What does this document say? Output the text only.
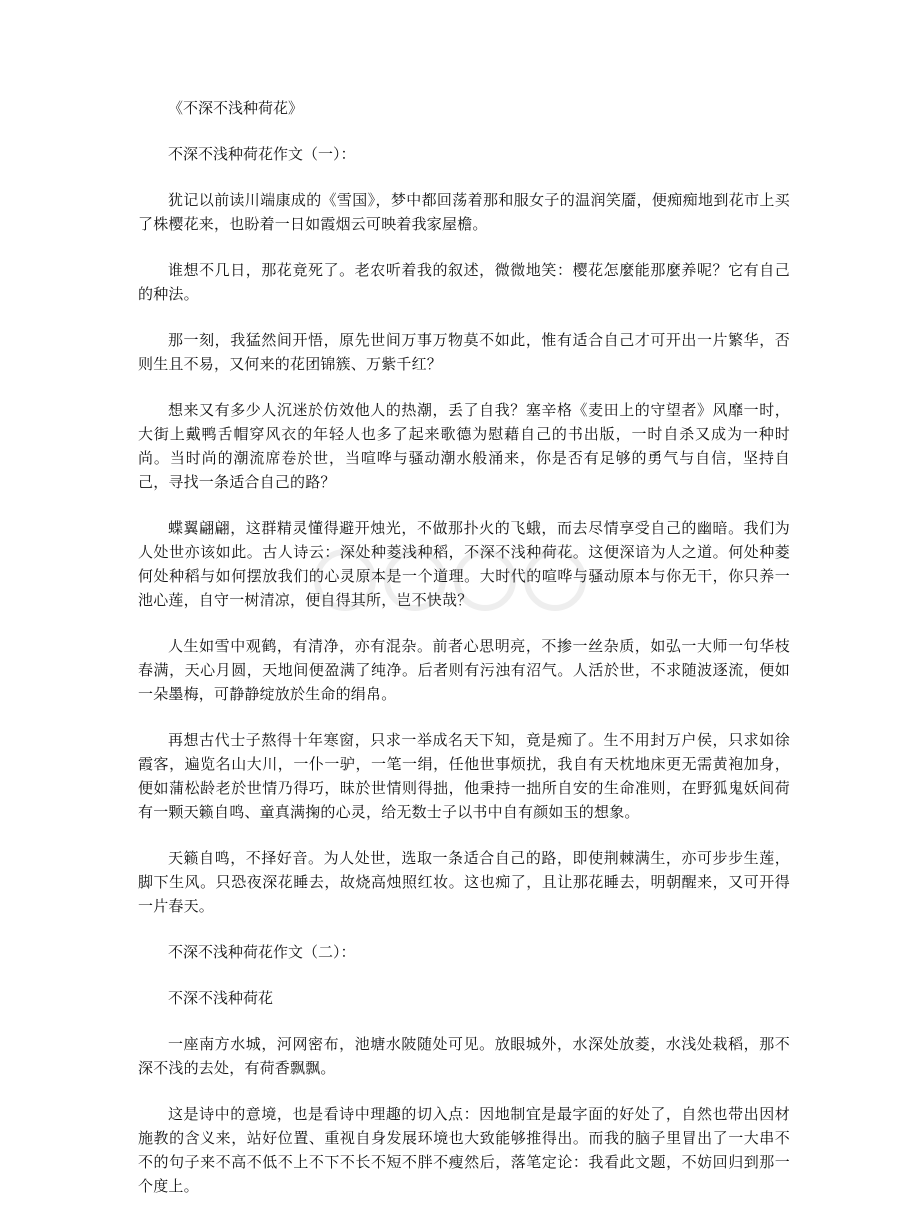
《不深不浅种荷花》

不深不浅种荷花作文（一）：

犹记以前读川端康成的《雪国》，梦中都回荡着那和服女子的温润笑靥，便痴痴地到花市上买了株樱花来，也盼着一日如霞烟云可映着我家屋檐。

谁想不几日，那花竟死了。老农听着我的叙述，微微地笑：樱花怎麼能那麼养呢？它有自己的种法。

那一刻，我猛然间开悟，原先世间万事万物莫不如此，惟有适合自己才可开出一片繁华，否则生且不易，又何来的花团锦簇、万紫千红？

想来又有多少人沉迷於仿效他人的热潮，丢了自我？塞辛格《麦田上的守望者》风靡一时，大街上戴鸭舌帽穿风衣的年轻人也多了起来歌德为慰藉自己的书出版，一时自杀又成为一种时尚。当时尚的潮流席卷於世，当喧哗与骚动潮水般涌来，你是否有足够的勇气与自信，坚持自己，寻找一条适合自己的路？

蝶翼翩翩，这群精灵懂得避开烛光，不做那扑火的飞蛾，而去尽情享受自己的幽暗。我们为人处世亦该如此。古人诗云：深处种菱浅种稻，不深不浅种荷花。这便深谙为人之道。何处种菱何处种稻与如何摆放我们的心灵原本是一个道理。大时代的喧哗与骚动原本与你无干，你只养一池心莲，自守一树清凉，便自得其所，岂不快哉？

人生如雪中观鹤，有清净，亦有混杂。前者心思明亮，不掺一丝杂质，如弘一大师一句华枝春满，天心月圆，天地间便盈满了纯净。后者则有污浊有沼气。人活於世，不求随波逐流，便如一朵墨梅，可静静绽放於生命的绢帛。

再想古代士子熬得十年寒窗，只求一举成名天下知，竟是痴了。生不用封万户侯，只求如徐霞客，遍览名山大川，一仆一驴，一笔一绢，任他世事烦扰，我自有天枕地床更无需黄袍加身，便如蒲松龄老於世情乃得巧，昧於世情则得拙，他秉持一拙所自安的生命准则，在野狐鬼妖间荷有一颗天籁自鸣、童真满掬的心灵，给无数士子以书中自有颜如玉的想象。

天籁自鸣，不择好音。为人处世，选取一条适合自己的路，即使荆棘满生，亦可步步生莲，脚下生风。只恐夜深花睡去，故烧高烛照红妆。这也痴了，且让那花睡去，明朝醒来，又可开得一片春天。

不深不浅种荷花作文（二）：

不深不浅种荷花

一座南方水城，河网密布，池塘水陂随处可见。放眼城外，水深处放菱，水浅处栽稻，那不深不浅的去处，有荷香飘飘。

这是诗中的意境，也是看诗中理趣的切入点：因地制宜是最字面的好处了，自然也带出因材施教的含义来，站好位置、重视自身发展环境也大致能够推得出。而我的脑子里冒出了一大串不不的句子来不高不低不上不下不长不短不胖不瘦然后，落笔定论：我看此文题，不妨回归到那一个度上。
